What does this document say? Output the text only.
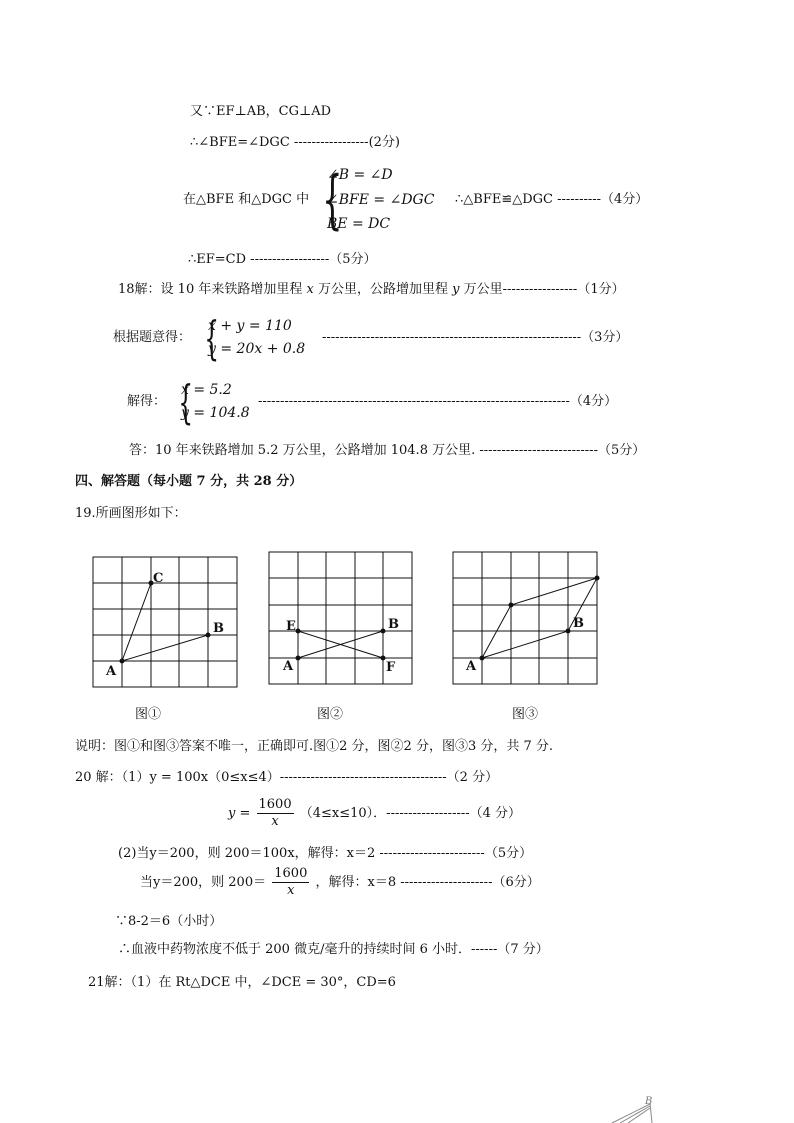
又∵EF⊥AB，CG⊥AD
∴∠BFE=∠DGC -----------------(2分)
在△BFE 和△DGC 中 {
∠B = ∠D
∠BFE = ∠DGC
BE = DC
∴△BFE≌△DGC ----------（4分）
∴EF=CD ------------------（5分）
18解：设 10 年来铁路增加里程 x 万公里，公路增加里程 y 万公里-----------------（1分）
根据题意得： {
x + y = 110
y = 20x + 0.8
-----------------------------------------------------------（3分）
解得： {
x = 5.2
y = 104.8
-----------------------------------------------------------------------（4分）
答：10 年来铁路增加 5.2 万公里，公路增加 104.8 万公里. ---------------------------（5分）
四、解答题（每小题 7 分，共 28 分）
19.所画图形如下：
A
C
B	E
A
B
F	A
B
B
图①	图②	图③
说明：图①和图③答案不唯一，正确即可.图①2 分，图②2 分，图③3 分，共 7 分.
20 解：（1）y = 100x（0≤x≤4）--------------------------------------（2 分）
$y = \frac{1600}{x} (4\le x\le 10)$．-------------------（4 分）
(2)当y＝200，则 200＝100x，解得：x＝2 ------------------------（5分）
当y＝200，则 $200= \frac{1600}{x}$ ，解得：x＝8 ---------------------（6分）
∵8-2＝6（小时）
∴血液中药物浓度不低于 200 微克/毫升的持续时间 6 小时．------（7 分）
21解：（1）在 Rt△DCE 中，∠DCE = 30°，CD=6
